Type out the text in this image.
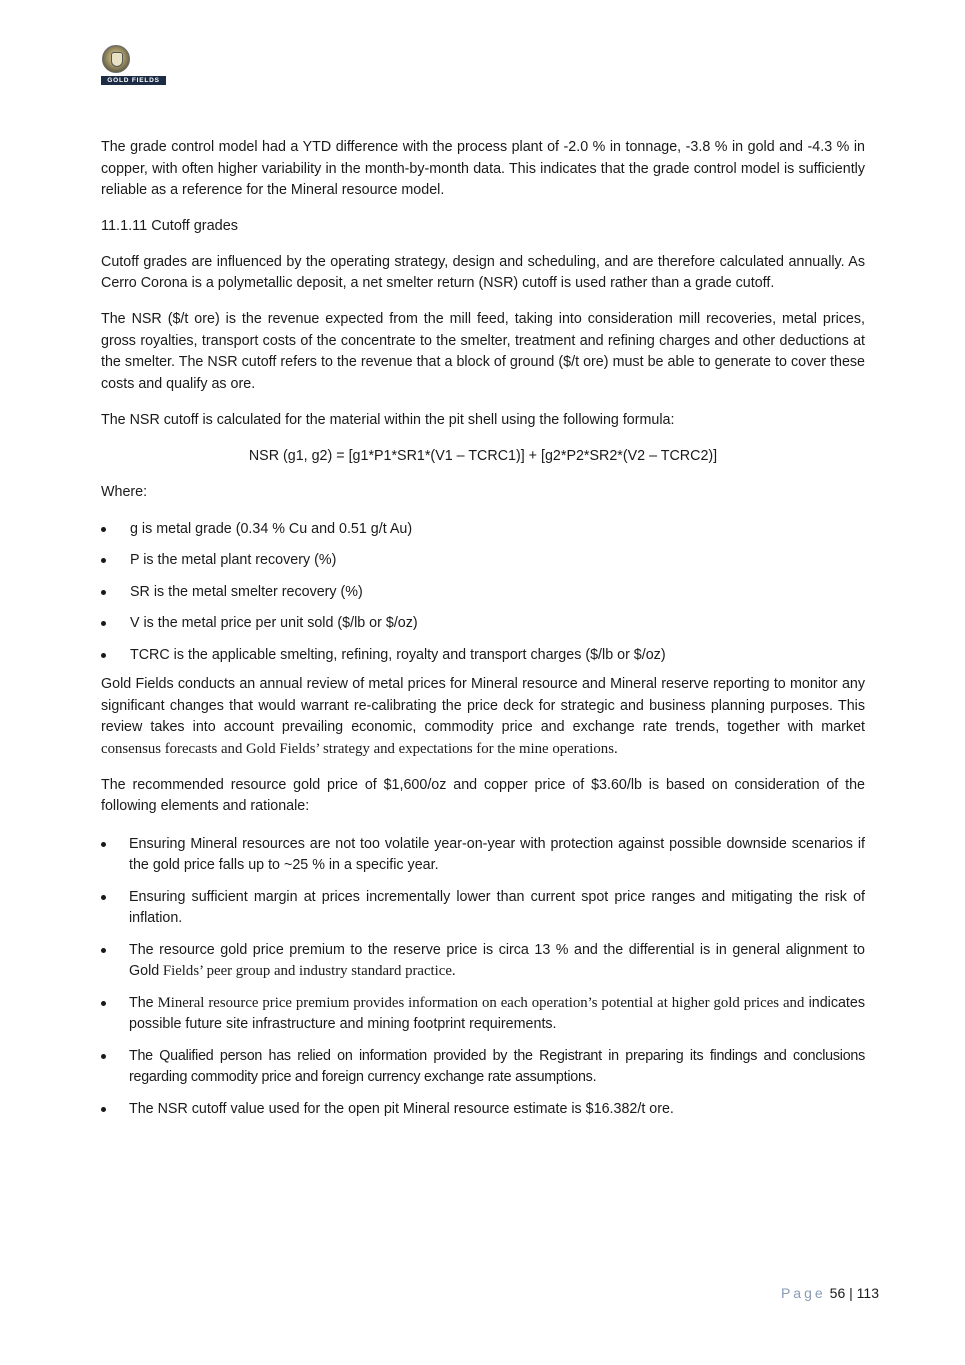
GOLD FIELDS

The grade control model had a YTD difference with the process plant of -2.0 % in tonnage, -3.8 % in gold and -4.3 % in copper, with often higher variability in the month-by-month data. This indicates that the grade control model is sufficiently reliable as a reference for the Mineral resource model.

11.1.11 Cutoff grades

Cutoff grades are influenced by the operating strategy, design and scheduling, and are therefore calculated annually. As Cerro Corona is a polymetallic deposit, a net smelter return (NSR) cutoff is used rather than a grade cutoff.

The NSR ($/t ore) is the revenue expected from the mill feed, taking into consideration mill recoveries, metal prices, gross royalties, transport costs of the concentrate to the smelter, treatment and refining charges and other deductions at the smelter. The NSR cutoff refers to the revenue that a block of ground ($/t ore) must be able to generate to cover these costs and qualify as ore.

The NSR cutoff is calculated for the material within the pit shell using the following formula:

NSR (g1, g2) = [g1*P1*SR1*(V1 – TCRC1)] + [g2*P2*SR2*(V2 – TCRC2)]

Where:

g is metal grade (0.34 % Cu and 0.51 g/t Au)
P is the metal plant recovery (%)
SR is the metal smelter recovery (%)
V is the metal price per unit sold ($/lb or $/oz)
TCRC is the applicable smelting, refining, royalty and transport charges ($/lb or $/oz)

Gold Fields conducts an annual review of metal prices for Mineral resource and Mineral reserve reporting to monitor any significant changes that would warrant re-calibrating the price deck for strategic and business planning purposes. This review takes into account prevailing economic, commodity price and exchange rate trends, together with market consensus forecasts and Gold Fields’ strategy and expectations for the mine operations.

The recommended resource gold price of $1,600/oz and copper price of $3.60/lb is based on consideration of the following elements and rationale:

Ensuring Mineral resources are not too volatile year-on-year with protection against possible downside scenarios if the gold price falls up to ~25 % in a specific year.
Ensuring sufficient margin at prices incrementally lower than current spot price ranges and mitigating the risk of inflation.
The resource gold price premium to the reserve price is circa 13 % and the differential is in general alignment to Gold Fields’ peer group and industry standard practice.
The Mineral resource price premium provides information on each operation’s potential at higher gold prices and indicates possible future site infrastructure and mining footprint requirements.
The Qualified person has relied on information provided by the Registrant in preparing its findings and conclusions regarding commodity price and foreign currency exchange rate assumptions.
The NSR cutoff value used for the open pit Mineral resource estimate is $16.382/t ore.
Page 56 | 113
